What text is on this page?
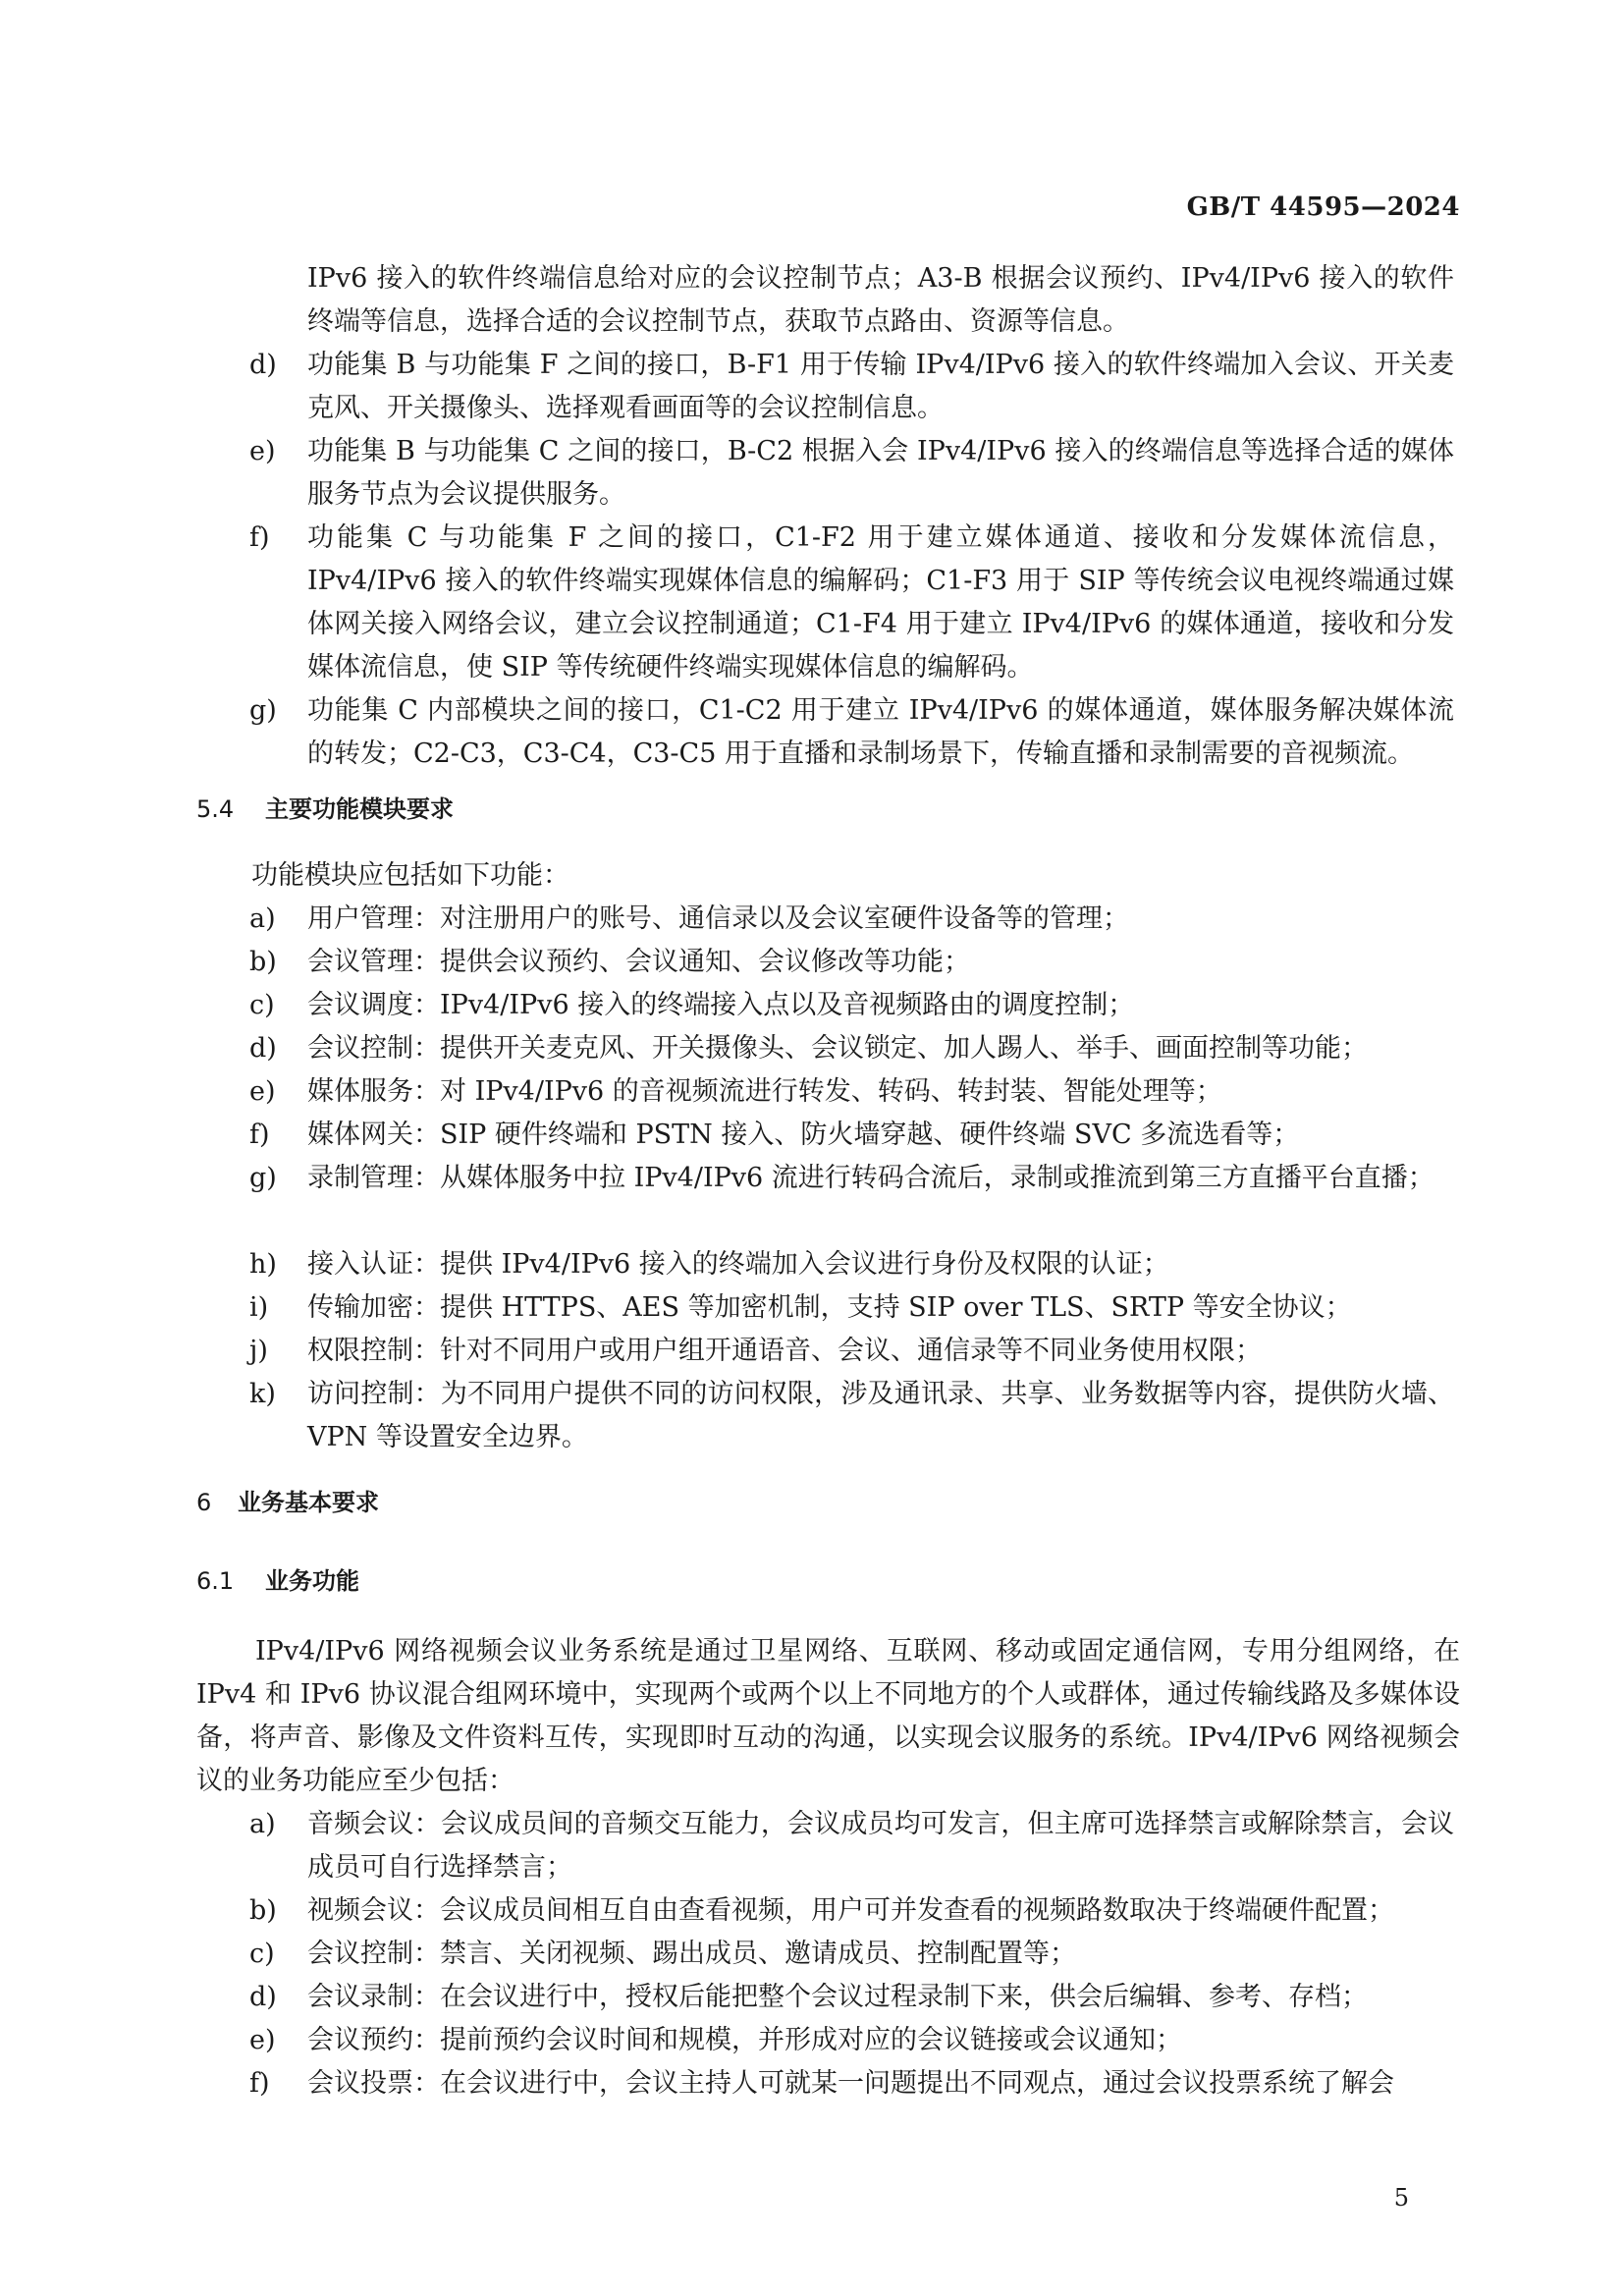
GB/T 44595—2024
IPv6 接入的软件终端信息给对应的会议控制节点；A3-B 根据会议预约、IPv4/IPv6 接入的软件终端等信息，选择合适的会议控制节点，获取节点路由、资源等信息。
d)	功能集 B 与功能集 F 之间的接口，B-F1 用于传输 IPv4/IPv6 接入的软件终端加入会议、开关麦克风、开关摄像头、选择观看画面等的会议控制信息。
e)	功能集 B 与功能集 C 之间的接口，B-C2 根据入会 IPv4/IPv6 接入的终端信息等选择合适的媒体服务节点为会议提供服务。
f)	功能集 C 与功能集 F 之间的接口，C1-F2 用于建立媒体通道、接收和分发媒体流信息，IPv4/IPv6 接入的软件终端实现媒体信息的编解码；C1-F3 用于 SIP 等传统会议电视终端通过媒体网关接入网络会议，建立会议控制通道；C1-F4 用于建立 IPv4/IPv6 的媒体通道，接收和分发媒体流信息，使 SIP 等传统硬件终端实现媒体信息的编解码。
g)	功能集 C 内部模块之间的接口，C1-C2 用于建立 IPv4/IPv6 的媒体通道，媒体服务解决媒体流的转发；C2-C3，C3-C4，C3-C5 用于直播和录制场景下，传输直播和录制需要的音视频流。
5.4 主要功能模块要求
功能模块应包括如下功能：
a)	用户管理：对注册用户的账号、通信录以及会议室硬件设备等的管理；
b)	会议管理：提供会议预约、会议通知、会议修改等功能；
c)	会议调度：IPv4/IPv6 接入的终端接入点以及音视频路由的调度控制；
d)	会议控制：提供开关麦克风、开关摄像头、会议锁定、加人踢人、举手、画面控制等功能；
e)	媒体服务：对 IPv4/IPv6 的音视频流进行转发、转码、转封装、智能处理等；
f)	媒体网关：SIP 硬件终端和 PSTN 接入、防火墙穿越、硬件终端 SVC 多流选看等；
g)	录制管理：从媒体服务中拉 IPv4/IPv6 流进行转码合流后，录制或推流到第三方直播平台直播；
h)	接入认证：提供 IPv4/IPv6 接入的终端加入会议进行身份及权限的认证；
i)	传输加密：提供 HTTPS、AES 等加密机制，支持 SIP over TLS、SRTP 等安全协议；
j)	权限控制：针对不同用户或用户组开通语音、会议、通信录等不同业务使用权限；
k)	访问控制：为不同用户提供不同的访问权限，涉及通讯录、共享、业务数据等内容，提供防火墙、VPN 等设置安全边界。
6 业务基本要求
6.1 业务功能
IPv4/IPv6 网络视频会议业务系统是通过卫星网络、互联网、移动或固定通信网，专用分组网络，在 IPv4 和 IPv6 协议混合组网环境中，实现两个或两个以上不同地方的个人或群体，通过传输线路及多媒体设备，将声音、影像及文件资料互传，实现即时互动的沟通，以实现会议服务的系统。IPv4/IPv6 网络视频会议的业务功能应至少包括：
a)	音频会议：会议成员间的音频交互能力，会议成员均可发言，但主席可选择禁言或解除禁言，会议成员可自行选择禁言；
b)	视频会议：会议成员间相互自由查看视频，用户可并发查看的视频路数取决于终端硬件配置；
c)	会议控制：禁言、关闭视频、踢出成员、邀请成员、控制配置等；
d)	会议录制：在会议进行中，授权后能把整个会议过程录制下来，供会后编辑、参考、存档；
e)	会议预约：提前预约会议时间和规模，并形成对应的会议链接或会议通知；
f)	会议投票：在会议进行中，会议主持人可就某一问题提出不同观点，通过会议投票系统了解会
5
